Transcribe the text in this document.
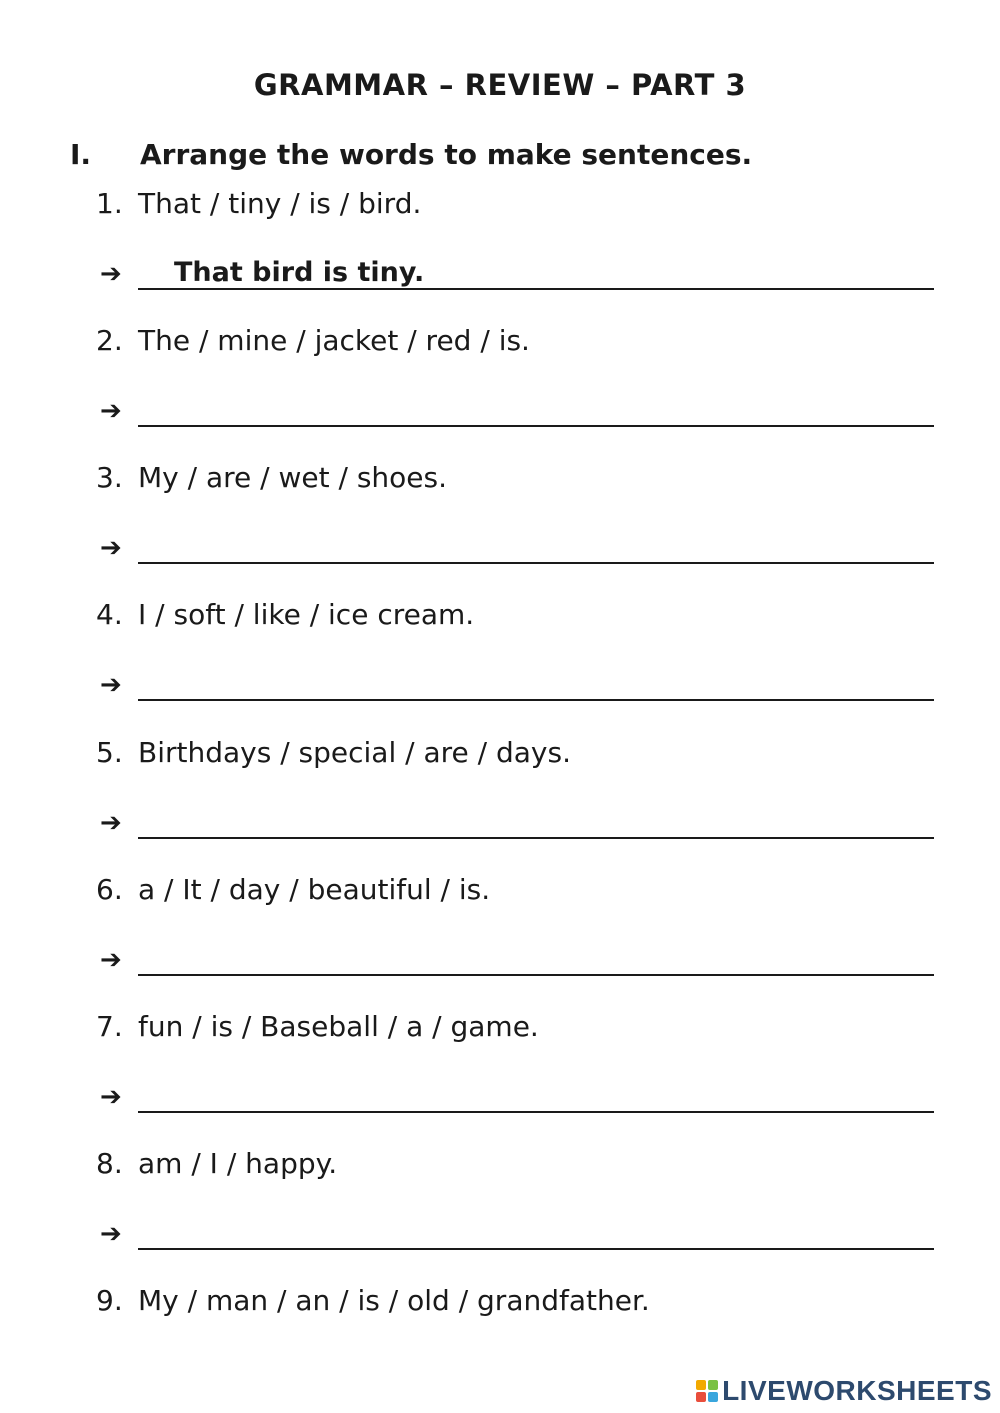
GRAMMAR – REVIEW – PART 3
I. Arrange the words to make sentences.
1. That / tiny / is / bird.
➔ That bird is tiny.
2. The / mine / jacket / red / is.
➔
3. My / are / wet / shoes.
➔
4. I / soft / like / ice cream.
➔
5. Birthdays / special / are / days.
➔
6. a / It / day / beautiful / is.
➔
7. fun / is / Baseball / a / game.
➔
8. am / I / happy.
➔
9. My / man / an / is / old / grandfather.
LIVEWORKSHEETS
